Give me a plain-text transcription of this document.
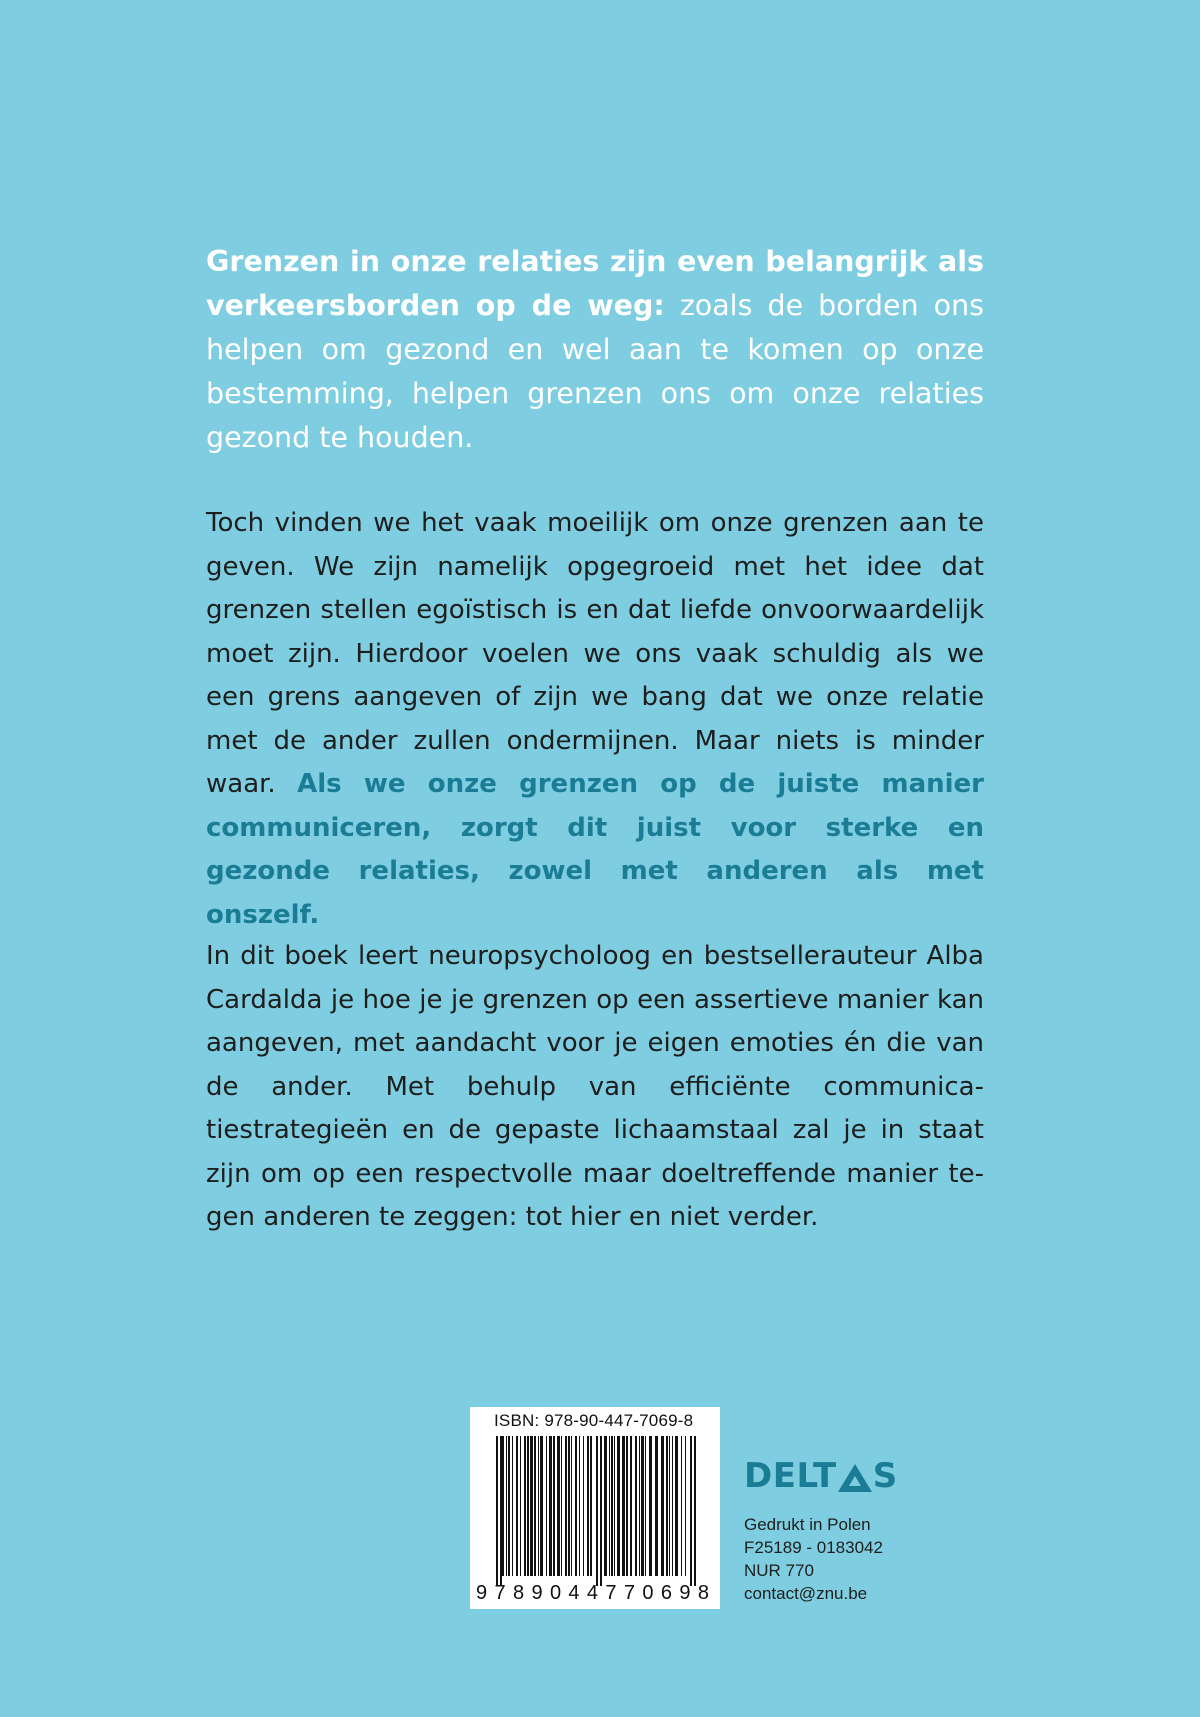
Grenzen in onze relaties zijn even belangrijk als verkeersborden op de weg: zoals de borden ons helpen om gezond en wel aan te komen op onze bestemming, helpen grenzen ons om onze relaties gezond te houden.

Toch vinden we het vaak moeilijk om onze grenzen aan te geven. We zijn namelijk opgegroeid met het idee dat grenzen stellen egoïstisch is en dat liefde onvoorwaardelijk moet zijn. Hierdoor voelen we ons vaak schuldig als we een grens aangeven of zijn we bang dat we onze relatie met de ander zullen ondermijnen. Maar niets is minder waar. Als we onze grenzen op de juiste manier communiceren, zorgt dit juist voor sterke en gezonde relaties, zowel met anderen als met onszelf.

In dit boek leert neuropsycholoog en bestsellerauteur Alba Cardalda je hoe je je grenzen op een assertieve manier kan aangeven, met aandacht voor je eigen emoties én die van de ander. Met behulp van efficiënte communicatiestrategieën en de gepaste lichaamstaal zal je in staat zijn om op een respectvolle maar doeltreffende manier tegen anderen te zeggen: tot hier en niet verder.

ISBN: 978-90-447-7069-8
9 7 8 9 0 4 4 7 7 0 6 9 8
DELT S
Gedrukt in Polen
F25189 - 0183042
NUR 770
contact@znu.be
